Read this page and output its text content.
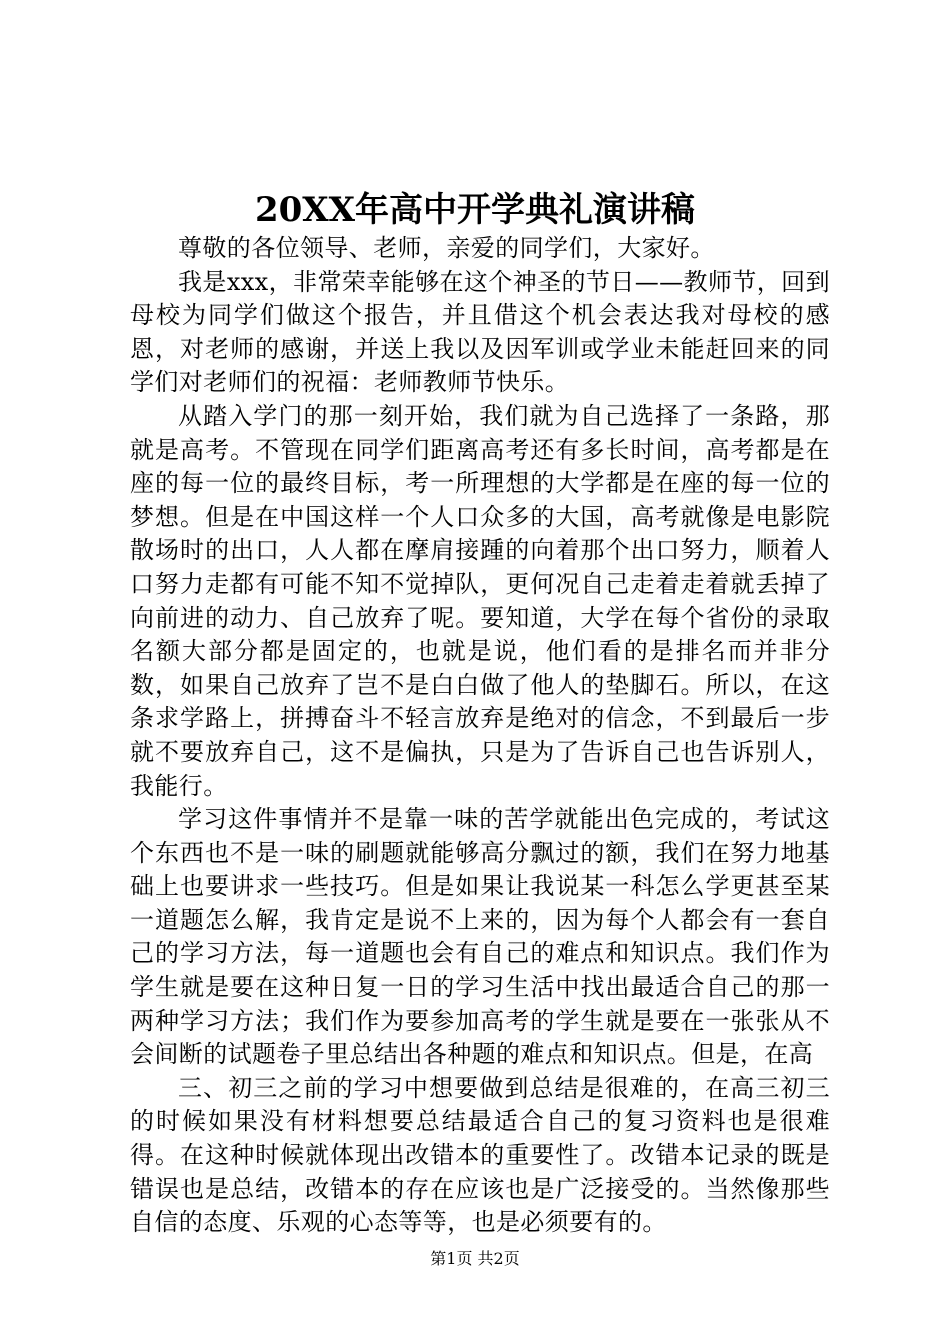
20XX年高中开学典礼演讲稿

尊敬的各位领导、老师，亲爱的同学们，大家好。

我是xxx，非常荣幸能够在这个神圣的节日——教师节，回到母校为同学们做这个报告，并且借这个机会表达我对母校的感恩，对老师的感谢，并送上我以及因军训或学业未能赶回来的同学们对老师们的祝福：老师教师节快乐。

从踏入学门的那一刻开始，我们就为自己选择了一条路，那就是高考。不管现在同学们距离高考还有多长时间，高考都是在座的每一位的最终目标，考一所理想的大学都是在座的每一位的梦想。但是在中国这样一个人口众多的大国，高考就像是电影院散场时的出口，人人都在摩肩接踵的向着那个出口努力，顺着人口努力走都有可能不知不觉掉队，更何况自己走着走着就丢掉了向前进的动力、自己放弃了呢。要知道，大学在每个省份的录取名额大部分都是固定的，也就是说，他们看的是排名而并非分数，如果自己放弃了岂不是白白做了他人的垫脚石。所以，在这条求学路上，拼搏奋斗不轻言放弃是绝对的信念，不到最后一步就不要放弃自己，这不是偏执，只是为了告诉自己也告诉别人，我能行。

学习这件事情并不是靠一味的苦学就能出色完成的，考试这个东西也不是一味的刷题就能够高分飘过的额，我们在努力地基础上也要讲求一些技巧。但是如果让我说某一科怎么学更甚至某一道题怎么解，我肯定是说不上来的，因为每个人都会有一套自己的学习方法，每一道题也会有自己的难点和知识点。我们作为学生就是要在这种日复一日的学习生活中找出最适合自己的那一两种学习方法；我们作为要参加高考的学生就是要在一张张从不会间断的试题卷子里总结出各种题的难点和知识点。但是，在高

三、初三之前的学习中想要做到总结是很难的，在高三初三的时候如果没有材料想要总结最适合自己的复习资料也是很难得。在这种时候就体现出改错本的重要性了。改错本记录的既是错误也是总结，改错本的存在应该也是广泛接受的。当然像那些自信的态度、乐观的心态等等，也是必须要有的。

第1页 共2页
